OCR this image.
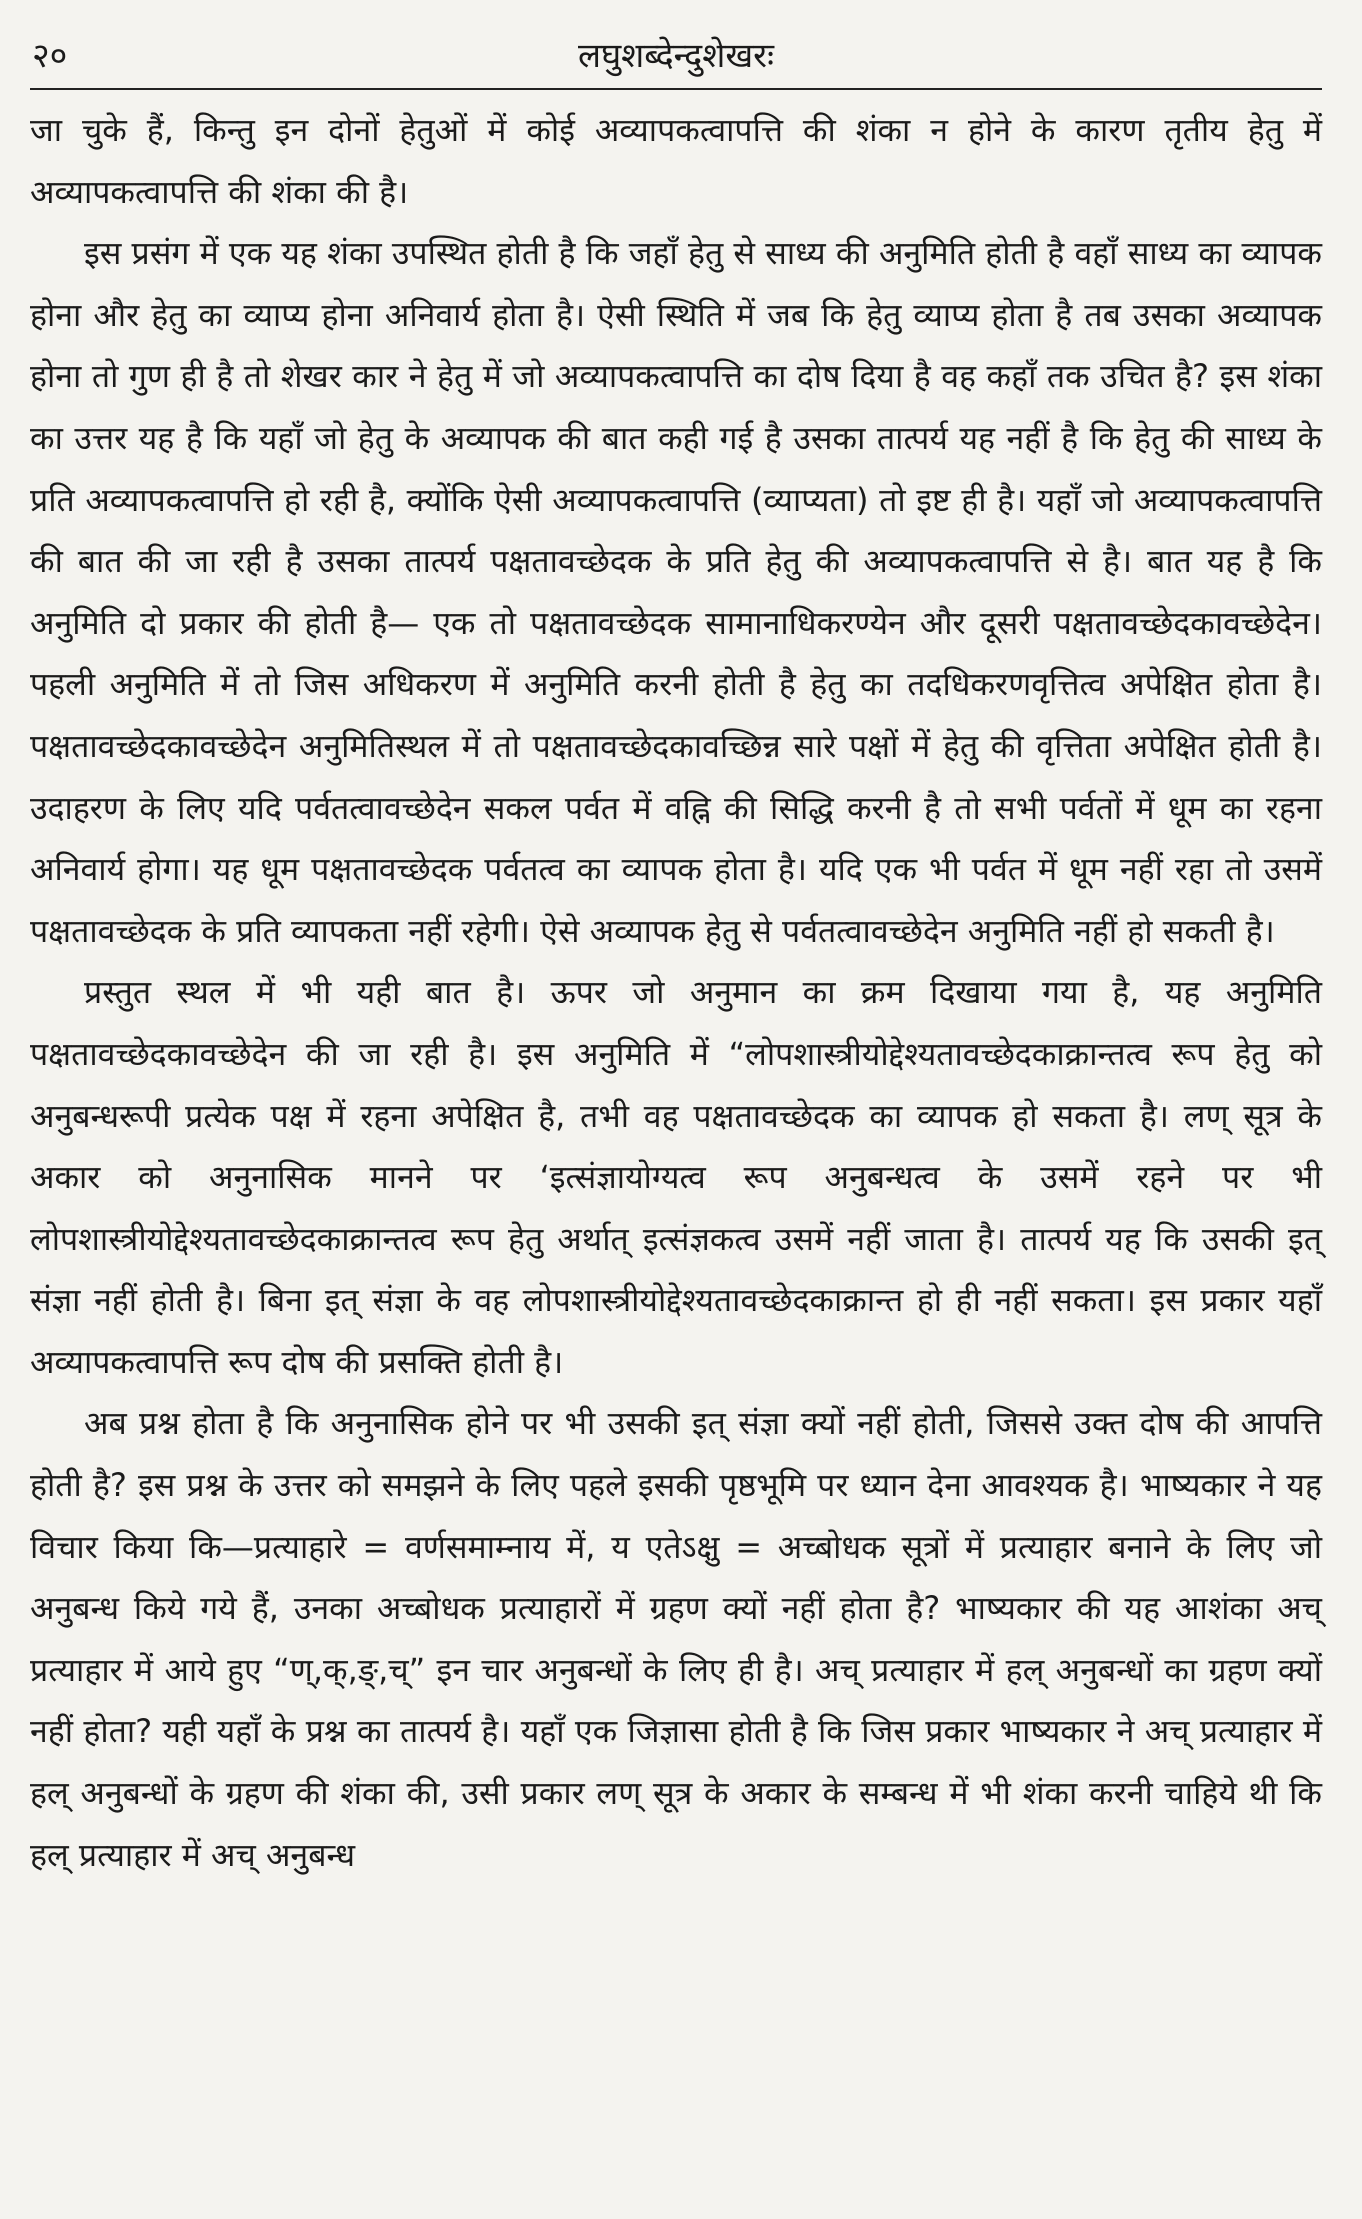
२०	लघुशब्देन्दुशेखरः

जा चुके हैं, किन्तु इन दोनों हेतुओं में कोई अव्यापकत्वापत्ति की शंका न होने के कारण तृतीय हेतु में अव्यापकत्वापत्ति की शंका की है।

इस प्रसंग में एक यह शंका उपस्थित होती है कि जहाँ हेतु से साध्य की अनुमिति होती है वहाँ साध्य का व्यापक होना और हेतु का व्याप्य होना अनिवार्य होता है। ऐसी स्थिति में जब कि हेतु व्याप्य होता है तब उसका अव्यापक होना तो गुण ही है तो शेखर कार ने हेतु में जो अव्यापकत्वापत्ति का दोष दिया है वह कहाँ तक उचित है? इस शंका का उत्तर यह है कि यहाँ जो हेतु के अव्यापक की बात कही गई है उसका तात्पर्य यह नहीं है कि हेतु की साध्य के प्रति अव्यापकत्वापत्ति हो रही है, क्योंकि ऐसी अव्यापकत्वापत्ति (व्याप्यता) तो इष्ट ही है। यहाँ जो अव्यापकत्वापत्ति की बात की जा रही है उसका तात्पर्य पक्षतावच्छेदक के प्रति हेतु की अव्यापकत्वापत्ति से है। बात यह है कि अनुमिति दो प्रकार की होती है— एक तो पक्षतावच्छेदक सामानाधिकरण्येन और दूसरी पक्षतावच्छेदकावच्छेदेन। पहली अनुमिति में तो जिस अधिकरण में अनुमिति करनी होती है हेतु का तदधिकरणवृत्तित्व अपेक्षित होता है। पक्षतावच्छेदकावच्छेदेन अनुमितिस्थल में तो पक्षतावच्छेदकावच्छिन्न सारे पक्षों में हेतु की वृत्तिता अपेक्षित होती है। उदाहरण के लिए यदि पर्वतत्वावच्छेदेन सकल पर्वत में वह्नि की सिद्धि करनी है तो सभी पर्वतों में धूम का रहना अनिवार्य होगा। यह धूम पक्षतावच्छेदक पर्वतत्व का व्यापक होता है। यदि एक भी पर्वत में धूम नहीं रहा तो उसमें पक्षतावच्छेदक के प्रति व्यापकता नहीं रहेगी। ऐसे अव्यापक हेतु से पर्वतत्वावच्छेदेन अनुमिति नहीं हो सकती है।

प्रस्तुत स्थल में भी यही बात है। ऊपर जो अनुमान का क्रम दिखाया गया है, यह अनुमिति पक्षतावच्छेदकावच्छेदेन की जा रही है। इस अनुमिति में “लोपशास्त्रीयोद्देश्यतावच्छेदकाक्रान्तत्व रूप हेतु को अनुबन्धरूपी प्रत्येक पक्ष में रहना अपेक्षित है, तभी वह पक्षतावच्छेदक का व्यापक हो सकता है। लण् सूत्र के अकार को अनुनासिक मानने पर ‘इत्संज्ञायोग्यत्व रूप अनुबन्धत्व के उसमें रहने पर भी लोपशास्त्रीयोद्देश्यतावच्छेदकाक्रान्तत्व रूप हेतु अर्थात् इत्संज्ञकत्व उसमें नहीं जाता है। तात्पर्य यह कि उसकी इत् संज्ञा नहीं होती है। बिना इत् संज्ञा के वह लोपशास्त्रीयोद्देश्यतावच्छेदकाक्रान्त हो ही नहीं सकता। इस प्रकार यहाँ अव्यापकत्वापत्ति रूप दोष की प्रसक्ति होती है।

अब प्रश्न होता है कि अनुनासिक होने पर भी उसकी इत् संज्ञा क्यों नहीं होती, जिससे उक्त दोष की आपत्ति होती है? इस प्रश्न के उत्तर को समझने के लिए पहले इसकी पृष्ठभूमि पर ध्यान देना आवश्यक है। भाष्यकार ने यह विचार किया कि—प्रत्याहारे = वर्णसमाम्नाय में, य एतेऽक्षु = अच्बोधक सूत्रों में प्रत्याहार बनाने के लिए जो अनुबन्ध किये गये हैं, उनका अच्बोधक प्रत्याहारों में ग्रहण क्यों नहीं होता है? भाष्यकार की यह आशंका अच् प्रत्याहार में आये हुए “ण्,क्,ङ्,च्” इन चार अनुबन्धों के लिए ही है। अच् प्रत्याहार में हल् अनुबन्धों का ग्रहण क्यों नहीं होता? यही यहाँ के प्रश्न का तात्पर्य है। यहाँ एक जिज्ञासा होती है कि जिस प्रकार भाष्यकार ने अच् प्रत्याहार में हल् अनुबन्धों के ग्रहण की शंका की, उसी प्रकार लण् सूत्र के अकार के सम्बन्ध में भी शंका करनी चाहिये थी कि हल् प्रत्याहार में अच् अनुबन्ध
